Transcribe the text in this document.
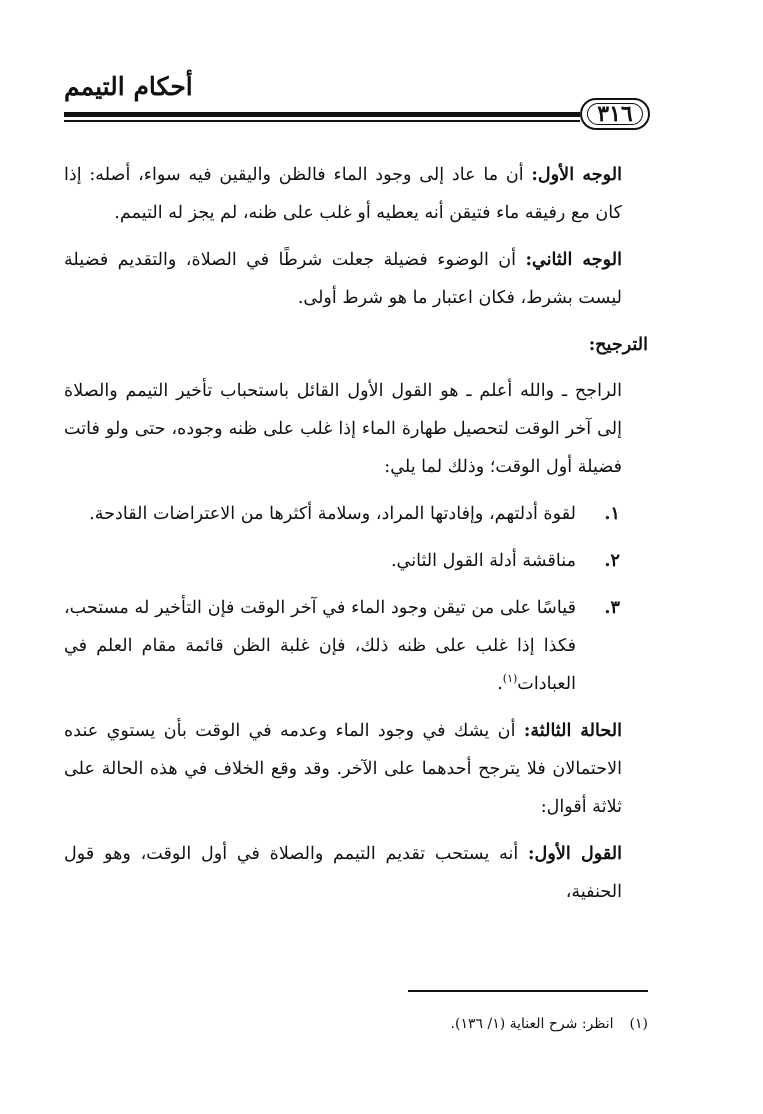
أحكام التيمم
٣١٦

الوجه الأول: أن ما عاد إلى وجود الماء فالظن واليقين فيه سواء، أصله: إذا كان مع رفيقه ماء فتيقن أنه يعطيه أو غلب على ظنه، لم يجز له التيمم.

الوجه الثاني: أن الوضوء فضيلة جعلت شرطًا في الصلاة، والتقديم فضيلة ليست بشرط، فكان اعتبار ما هو شرط أولى.

الترجيح:

الراجح ـ والله أعلم ـ هو القول الأول القائل باستحباب تأخير التيمم والصلاة إلى آخر الوقت لتحصيل طهارة الماء إذا غلب على ظنه وجوده، حتى ولو فاتت فضيلة أول الوقت؛ وذلك لما يلي:

١.
لقوة أدلتهم، وإفادتها المراد، وسلامة أكثرها من الاعتراضات القادحة.
٢.
مناقشة أدلة القول الثاني.
٣.
قياسًا على من تيقن وجود الماء في آخر الوقت فإن التأخير له مستحب، فكذا إذا غلب على ظنه ذلك، فإن غلبة الظن قائمة مقام العلم في العبادات$^{(١)}$.

الحالة الثالثة: أن يشك في وجود الماء وعدمه في الوقت بأن يستوي عنده الاحتمالان فلا يترجح أحدهما على الآخر. وقد وقع الخلاف في هذه الحالة على ثلاثة أقوال:

القول الأول: أنه يستحب تقديم التيمم والصلاة في أول الوقت، وهو قول الحنفية،

(١) انظر: شرح العناية (١/ ١٣٦).
